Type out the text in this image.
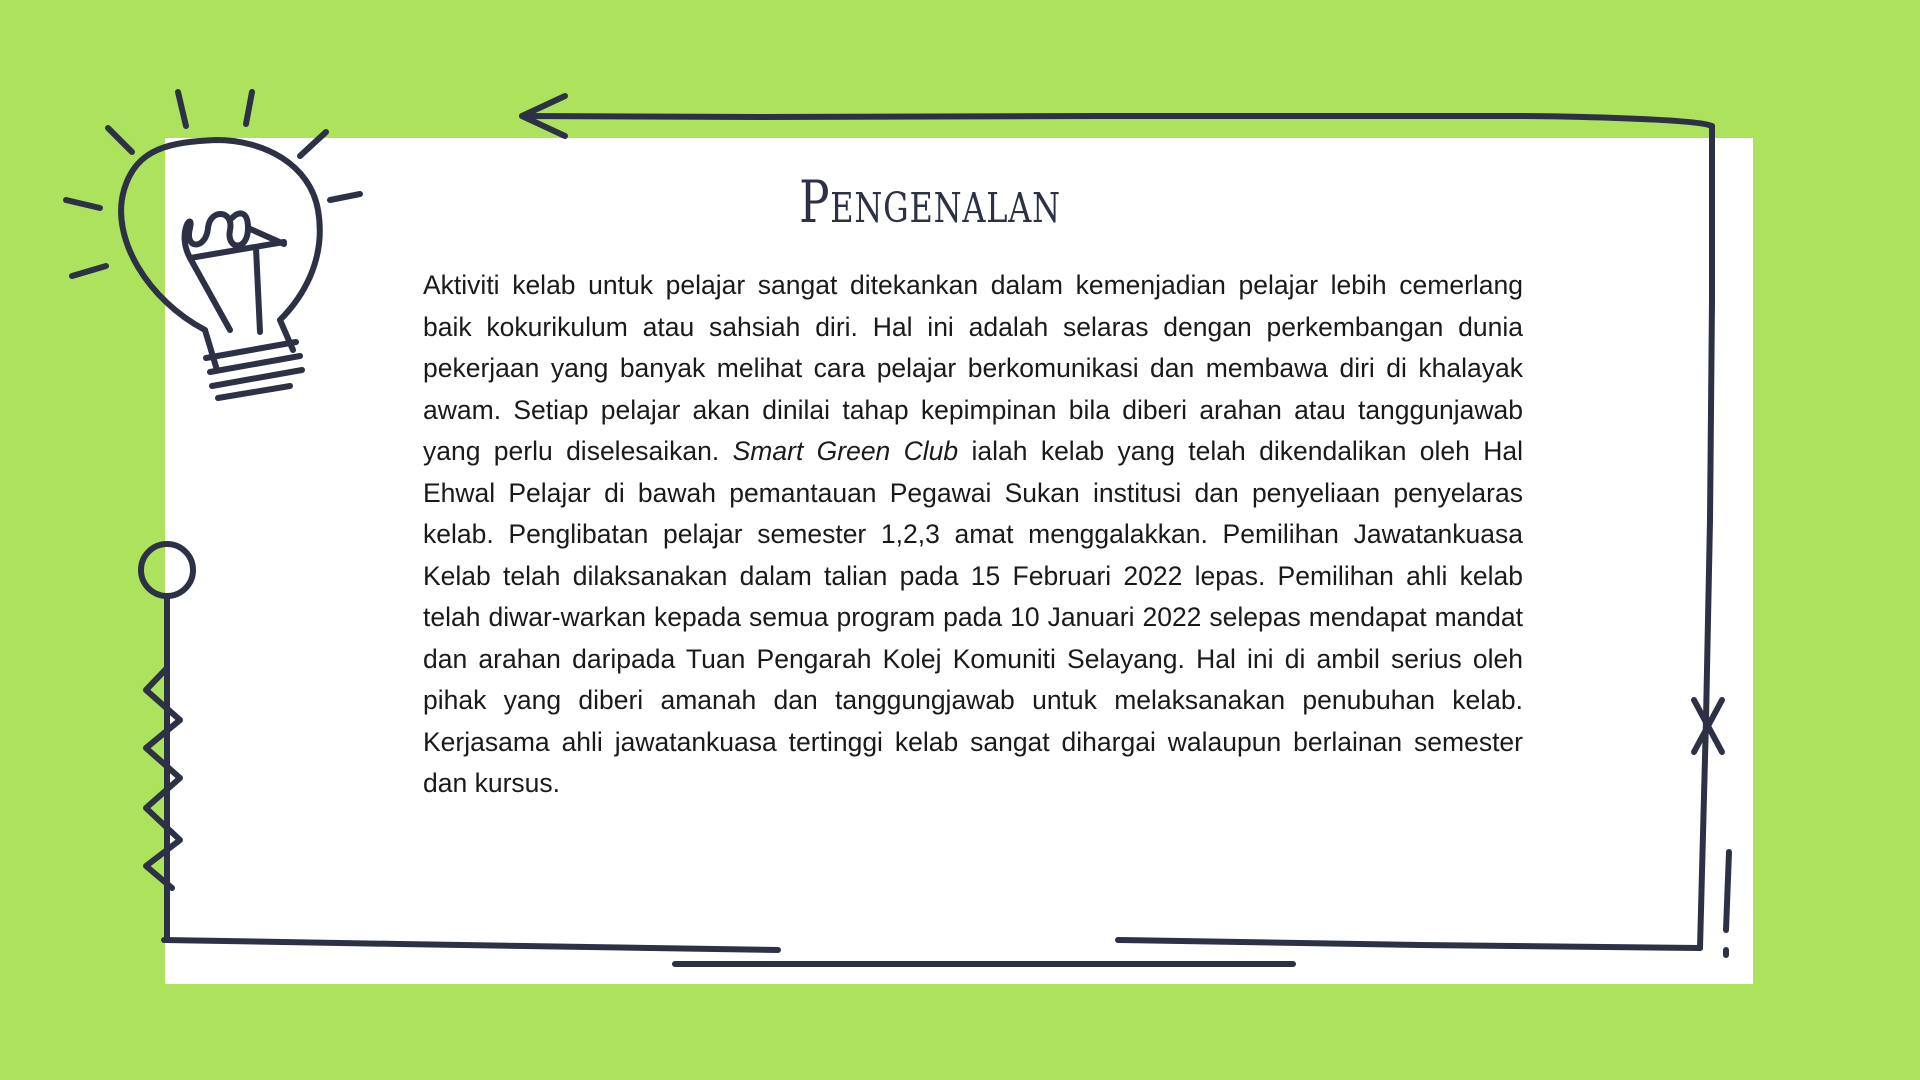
Pengenalan

Aktiviti kelab untuk pelajar sangat ditekankan dalam kemenjadian pelajar lebih cemerlang baik kokurikulum atau sahsiah diri. Hal ini adalah selaras dengan perkembangan dunia pekerjaan yang banyak melihat cara pelajar berkomunikasi dan membawa diri di khalayak awam. Setiap pelajar akan dinilai tahap kepimpinan bila diberi arahan atau tanggunjawab yang perlu diselesaikan. Smart Green Club ialah kelab yang telah dikendalikan oleh Hal Ehwal Pelajar di bawah pemantauan Pegawai Sukan institusi dan penyeliaan penyelaras kelab. Penglibatan pelajar semester 1,2,3 amat menggalakkan. Pemilihan Jawatankuasa Kelab telah dilaksanakan dalam talian pada 15 Februari 2022 lepas. Pemilihan ahli kelab telah diwar-warkan kepada semua program pada 10 Januari 2022 selepas mendapat mandat dan arahan daripada Tuan Pengarah Kolej Komuniti Selayang. Hal ini di ambil serius oleh pihak yang diberi amanah dan tanggungjawab untuk melaksanakan penubuhan kelab. Kerjasama ahli jawatankuasa tertinggi kelab sangat dihargai walaupun berlainan semester dan kursus.
